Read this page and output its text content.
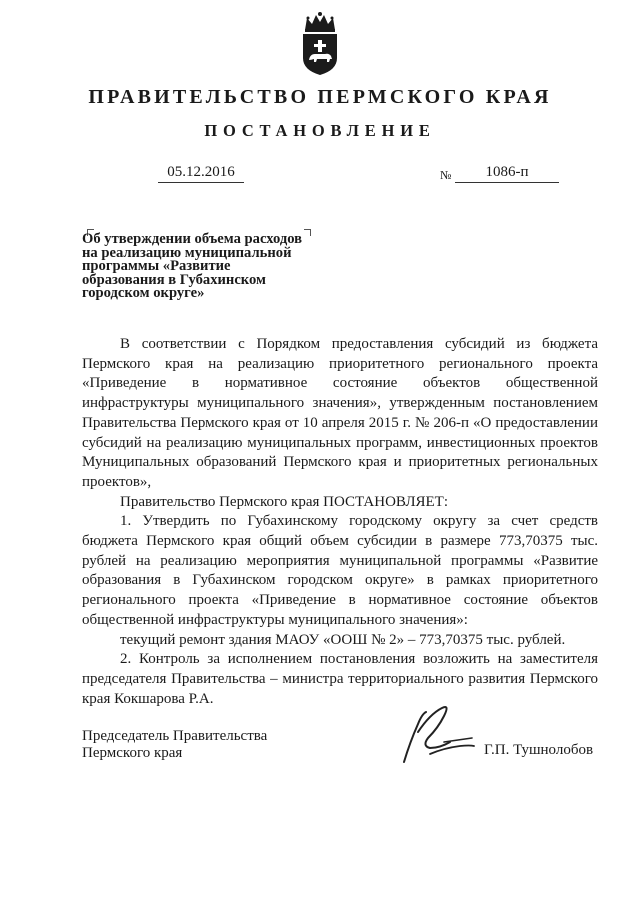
ПРАВИТЕЛЬСТВО ПЕРМСКОГО КРАЯ
ПОСТАНОВЛЕНИЕ
05.12.2016	№	1086-п
Об утверждении объема расходов
на реализацию муниципальной
программы «Развитие
образования в Губахинском
городском округе»

В соответствии с Порядком предоставления субсидий из бюджета Пермского края на реализацию приоритетного регионального проекта «Приведение в нормативное состояние объектов общественной инфраструктуры муниципального значения», утвержденным постановлением Правительства Пермского края от 10 апреля 2015 г. № 206-п «О предоставлении субсидий на реализацию муниципальных программ, инвестиционных проектов Муниципальных образований Пермского края и приоритетных региональных проектов»,

Правительство Пермского края ПОСТАНОВЛЯЕТ:

1. Утвердить по Губахинскому городскому округу за счет средств бюджета Пермского края общий объем субсидии в размере 773,70375 тыс. рублей на реализацию мероприятия муниципальной программы «Развитие образования в Губахинском городском округе» в рамках приоритетного регионального проекта «Приведение в нормативное состояние объектов общественной инфраструктуры муниципального значения»:

текущий ремонт здания МАОУ «ООШ № 2» – 773,70375 тыс. рублей.

2. Контроль за исполнением постановления возложить на заместителя председателя Правительства – министра территориального развития Пермского края Кокшарова Р.А.

Председатель Правительства
Пермского края	Г.П. Тушнолобов
